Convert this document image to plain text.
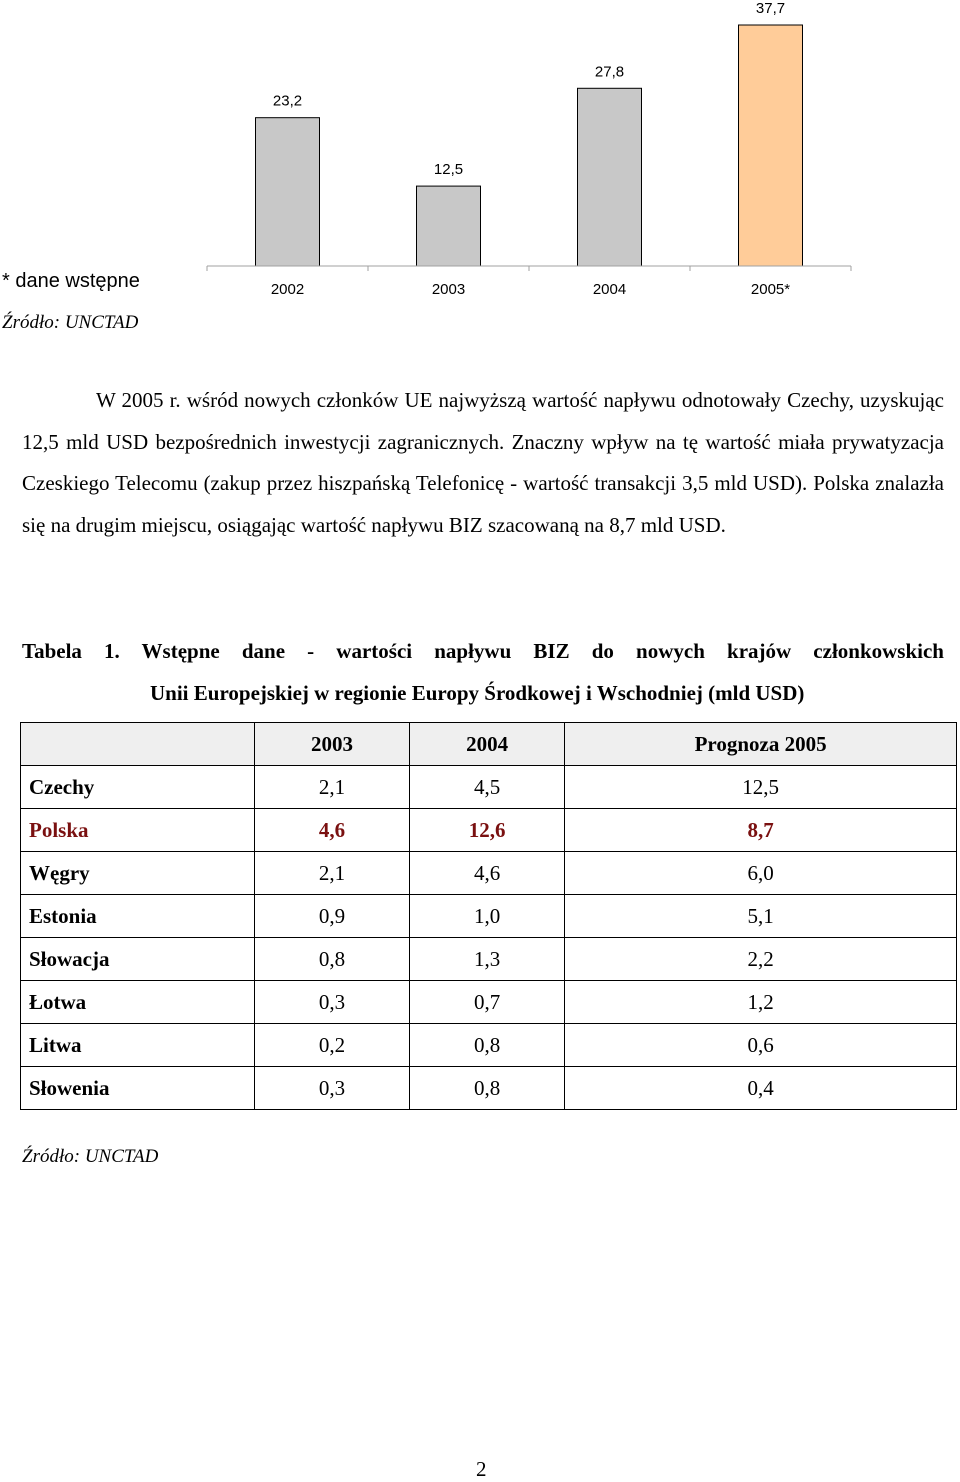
2002	2003	2004	2005*
23,2
12,5
27,8
37,7
* dane wstępne
Źródło: UNCTAD

W 2005 r. wśród nowych członków UE najwyższą wartość napływu odnotowały Czechy, uzyskując 12,5 mld USD bezpośrednich inwestycji zagranicznych. Znaczny wpływ na tę wartość miała prywatyzacja Czeskiego Telecomu (zakup przez hiszpańską Telefonicę - wartość transakcji 3,5 mld USD). Polska znalazła się na drugim miejscu, osiągając wartość napływu BIZ szacowaną na 8,7 mld USD.

Tabela 1. Wstępne dane - wartości napływu BIZ do nowych krajów członkowskich
Unii Europejskiej w regionie Europy Środkowej i Wschodniej (mld USD)
	2003	2004	Prognoza 2005
Czechy	2,1	4,5	12,5
Polska	4,6	12,6	8,7
Węgry	2,1	4,6	6,0
Estonia	0,9	1,0	5,1
Słowacja	0,8	1,3	2,2
Łotwa	0,3	0,7	1,2
Litwa	0,2	0,8	0,6
Słowenia	0,3	0,8	0,4
Źródło: UNCTAD
2
